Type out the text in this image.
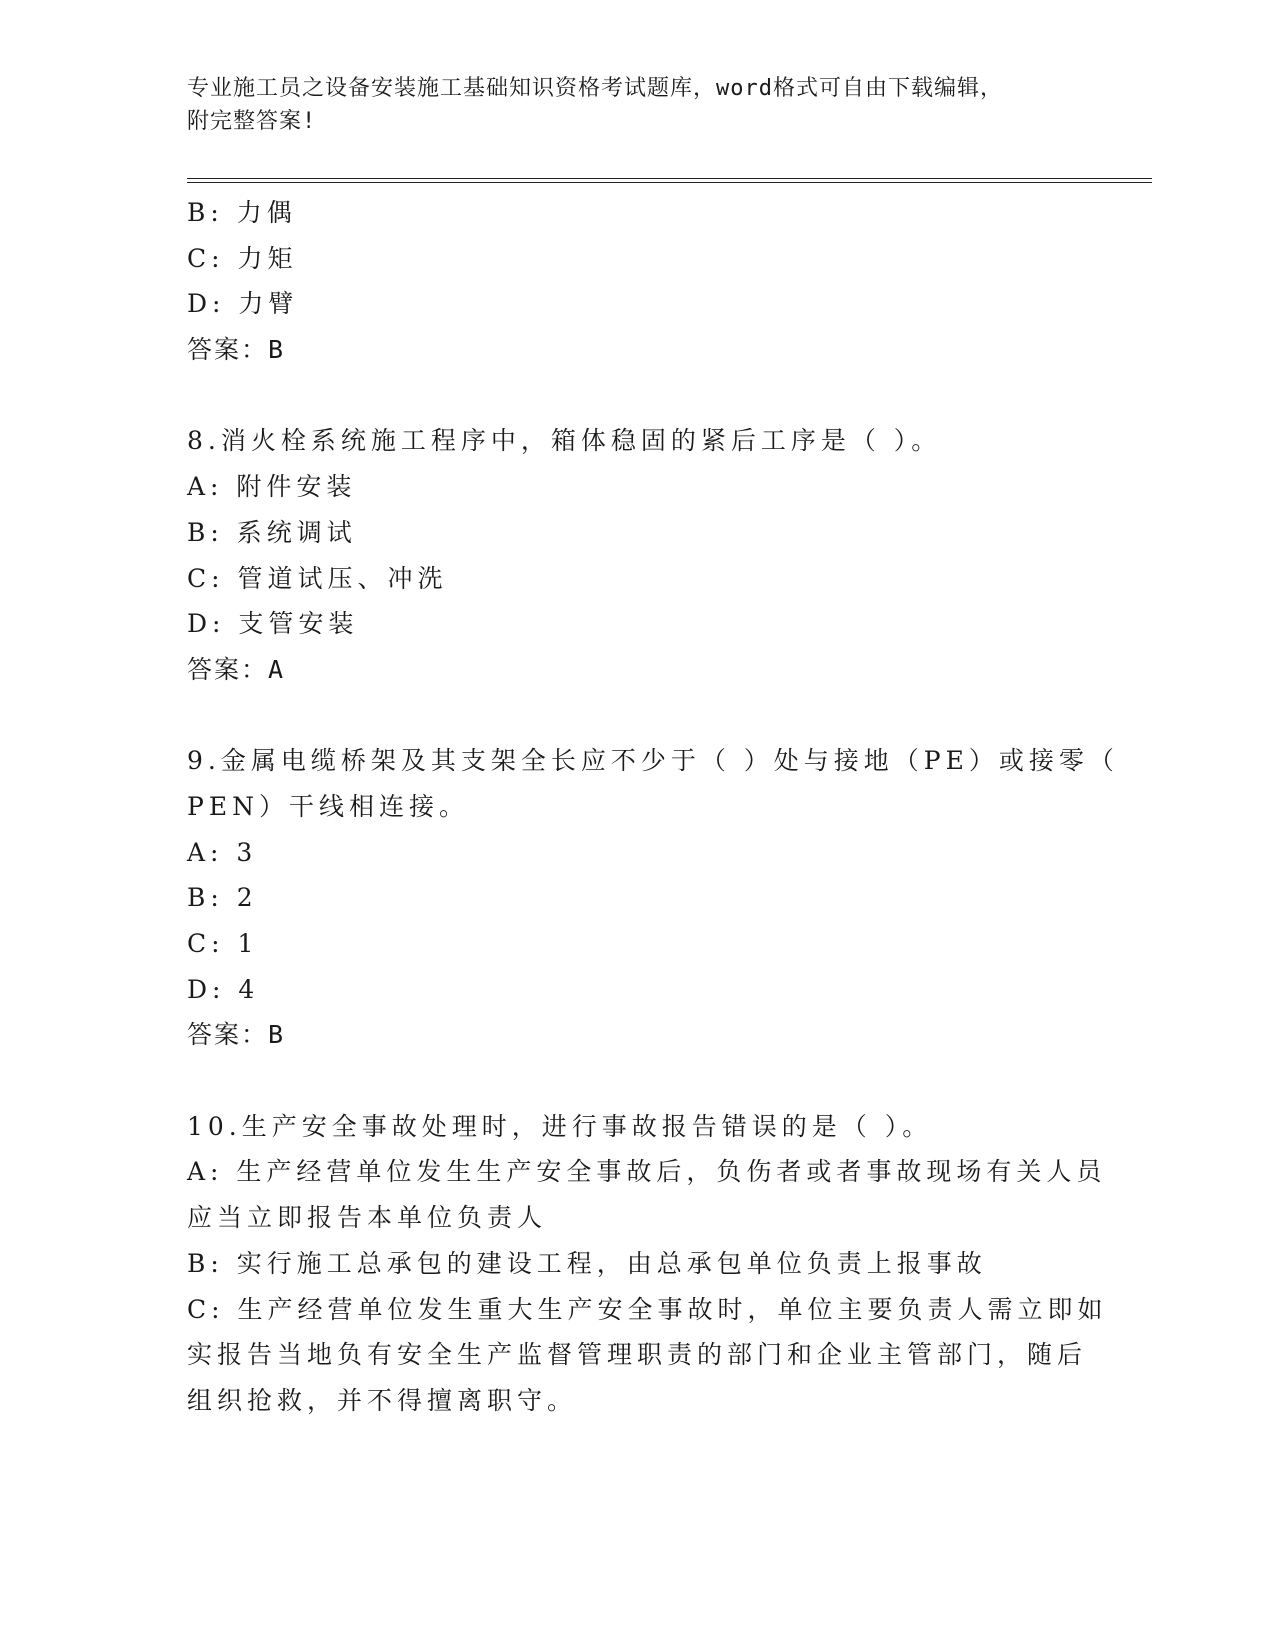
专业施工员之设备安装施工基础知识资格考试题库，word格式可自由下载编辑，
附完整答案!
B: 力偶
C: 力矩
D: 力臂
答案：B
8.消火栓系统施工程序中，箱体稳固的紧后工序是（ ）。
A: 附件安装
B: 系统调试
C: 管道试压、冲洗
D: 支管安装
答案：A
9.金属电缆桥架及其支架全长应不少于（ ）处与接地（PE）或接零（
PEN）干线相连接。
A: 3
B: 2
C: 1
D: 4
答案：B
10.生产安全事故处理时，进行事故报告错误的是（ ）。
A: 生产经营单位发生生产安全事故后，负伤者或者事故现场有关人员
应当立即报告本单位负责人
B: 实行施工总承包的建设工程，由总承包单位负责上报事故
C: 生产经营单位发生重大生产安全事故时，单位主要负责人需立即如
实报告当地负有安全生产监督管理职责的部门和企业主管部门，随后
组织抢救，并不得擅离职守。
